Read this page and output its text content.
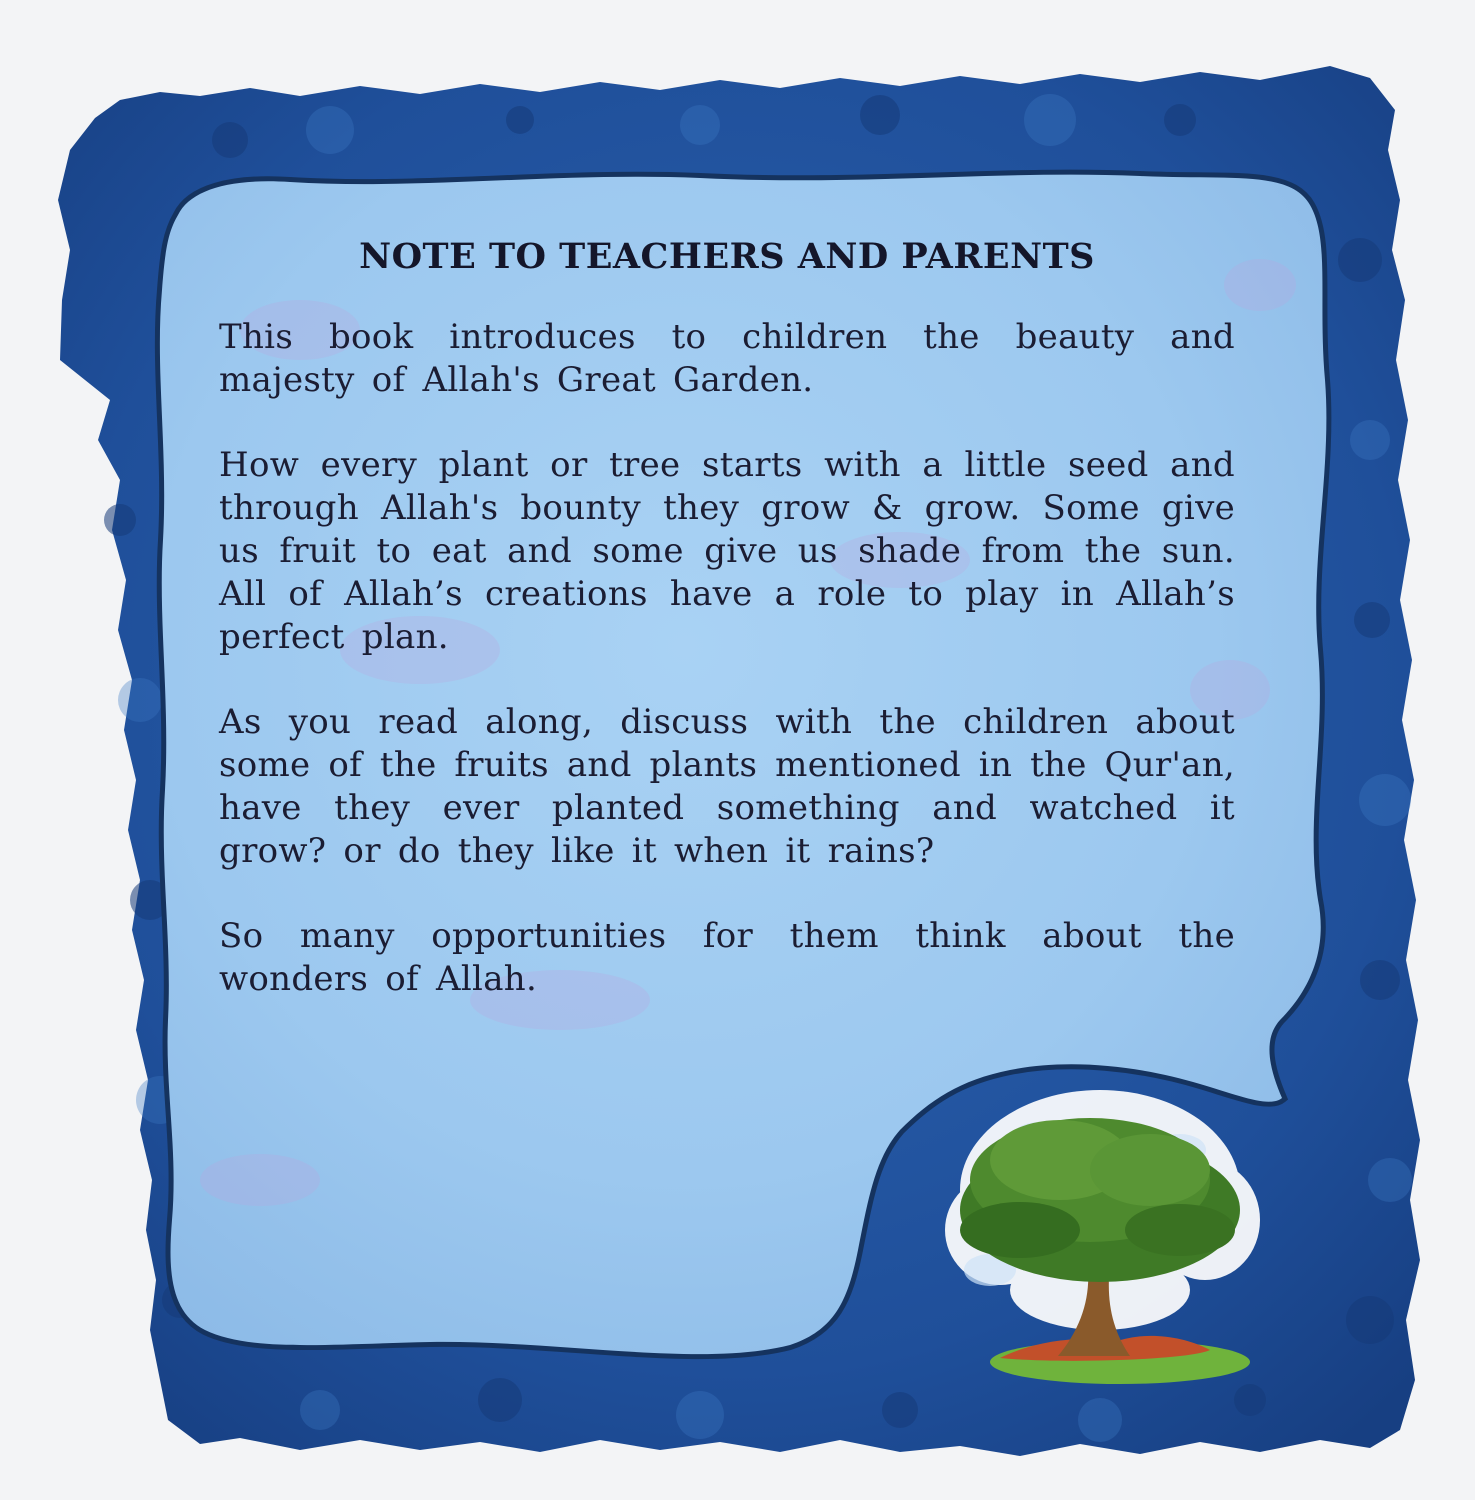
NOTE TO TEACHERS AND PARENTS

This book introduces to children the beauty and majesty of Allah's Great Garden.

How every plant or tree starts with a little seed and through Allah's bounty they grow & grow. Some give us fruit to eat and some give us shade from the sun. All of Allah’s creations have a role to play in Allah’s perfect plan.

As you read along, discuss with the children about some of the fruits and plants mentioned in the Qur'an, have they ever planted something and watched it grow? or do they like it when it rains?

So many opportunities for them think about the wonders of Allah.
